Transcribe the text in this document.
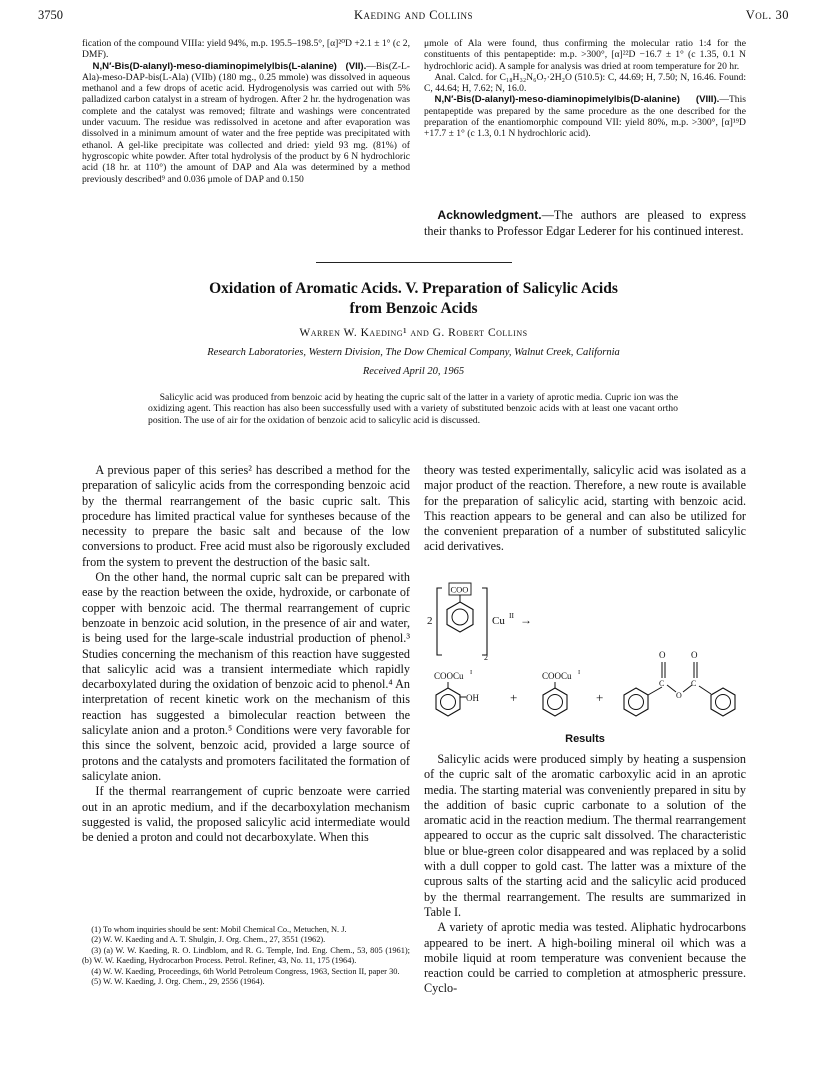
3750	Kaeding and Collins	Vol. 30

fication of the compound VIIIa: yield 94%, m.p. 195.5–198.5°, [α]²⁰D +2.1 ± 1° (c 2, DMF).

N,N′-Bis(D-alanyl)-meso-diaminopimelylbis(L-alanine) (VII).—Bis(Z-L-Ala)-meso-DAP-bis(L-Ala) (VIIb) (180 mg., 0.25 mmole) was dissolved in aqueous methanol and a few drops of acetic acid. Hydrogenolysis was carried out with 5% palladized carbon catalyst in a stream of hydrogen. After 2 hr. the hydrogenation was complete and the catalyst was removed; filtrate and washings were concentrated under vacuum. The residue was redissolved in acetone and after evaporation was dissolved in a minimum amount of water and the free peptide was precipitated with ethanol. A gel-like precipitate was collected and dried: yield 93 mg. (81%) of hygroscopic white powder. After total hydrolysis of the product by 6 N hydrochloric acid (18 hr. at 110°) the amount of DAP and Ala was determined by a method previously described⁹ and 0.036 μmole of DAP and 0.150

μmole of Ala were found, thus confirming the molecular ratio 1:4 for the constituents of this pentapeptide: m.p. >300°, [α]²²D −16.7 ± 1° (c 1.35, 0.1 N hydrochloric acid). A sample for analysis was dried at room temperature for 20 hr.

Anal. Calcd. for C₁₈H₃₂N₆O₇·2H₂O (510.5): C, 44.69; H, 7.50; N, 16.46. Found: C, 44.64; H, 7.62; N, 16.0.

N,N′-Bis(D-alanyl)-meso-diaminopimelylbis(D-alanine) (VIII).—This pentapeptide was prepared by the same procedure as the one described for the preparation of the enantiomorphic compound VII: yield 80%, m.p. >300°, [α]¹⁹D +17.7 ± 1° (c 1.3, 0.1 N hydrochloric acid).

Acknowledgment.—The authors are pleased to express their thanks to Professor Edgar Lederer for his continued interest.

Oxidation of Aromatic Acids. V. Preparation of Salicylic Acids
from Benzoic Acids
Warren W. Kaeding¹ and G. Robert Collins
Research Laboratories, Western Division, The Dow Chemical Company, Walnut Creek, California
Received April 20, 1965

Salicylic acid was produced from benzoic acid by heating the cupric salt of the latter in a variety of aprotic media. Cupric ion was the oxidizing agent. This reaction has also been successfully used with a variety of substituted benzoic acids with at least one vacant ortho position. The use of air for the oxidation of benzoic acid to salicylic acid is discussed.

A previous paper of this series² has described a method for the preparation of salicylic acids from the corresponding benzoic acid by the thermal rearrangement of the basic cupric salt. This procedure has limited practical value for syntheses because of the necessity to prepare the basic salt and because of the low conversions to product. Free acid must also be rigorously excluded from the system to prevent the destruction of the basic salt.

On the other hand, the normal cupric salt can be prepared with ease by the reaction between the oxide, hydroxide, or carbonate of copper with benzoic acid. The thermal rearrangement of cupric benzoate in benzoic acid solution, in the presence of air and water, is being used for the large-scale industrial production of phenol.³ Studies concerning the mechanism of this reaction have suggested that salicylic acid was a transient intermediate which rapidly decarboxylated during the oxidation of benzoic acid to phenol.⁴ An interpretation of recent kinetic work on the mechanism of this reaction has suggested a bimolecular reaction between the salicylate anion and a proton.⁵ Conditions were very favorable for this since the solvent, benzoic acid, provided a large source of protons and the catalysts and promoters facilitated the formation of salicylate anion.

If the thermal rearrangement of cupric benzoate were carried out in an aprotic medium, and if the decarboxylation mechanism suggested is valid, the proposed salicylic acid intermediate would be denied a proton and could not decarboxylate. When this

(1) To whom inquiries should be sent: Mobil Chemical Co., Metuchen, N. J.

(2) W. W. Kaeding and A. T. Shulgin, J. Org. Chem., 27, 3551 (1962).

(3) (a) W. W. Kaeding, R. O. Lindblom, and R. G. Temple, Ind. Eng. Chem., 53, 805 (1961); (b) W. W. Kaeding, Hydrocarbon Process. Petrol. Refiner, 43, No. 11, 175 (1964).

(4) W. W. Kaeding, Proceedings, 6th World Petroleum Congress, 1963, Section II, paper 30.

(5) W. W. Kaeding, J. Org. Chem., 29, 2556 (1964).

theory was tested experimentally, salicylic acid was isolated as a major product of the reaction. Therefore, a new route is available for the preparation of salicylic acid, starting with benzoic acid. This reaction appears to be general and can also be utilized for the convenient preparation of a number of substituted salicylic acid derivatives.

2
COO
2
Cu II →
COOCu I
OH +
COOCu I
+
C
O
O
C
O
Results

Salicylic acids were produced simply by heating a suspension of the cupric salt of the aromatic carboxylic acid in an aprotic media. The starting material was conveniently prepared in situ by the addition of basic cupric carbonate to a solution of the aromatic acid in the reaction medium. The thermal rearrangement appeared to occur as the cupric salt dissolved. The characteristic blue or blue-green color disappeared and was replaced by a solid with a dull copper to gold cast. The latter was a mixture of the cuprous salts of the starting acid and the salicylic acid produced by the thermal rearrangement. The results are summarized in Table I.

A variety of aprotic media was tested. Aliphatic hydrocarbons appeared to be inert. A high-boiling mineral oil which was a mobile liquid at room temperature was convenient because the reaction could be carried to completion at atmospheric pressure. Cyclo-
